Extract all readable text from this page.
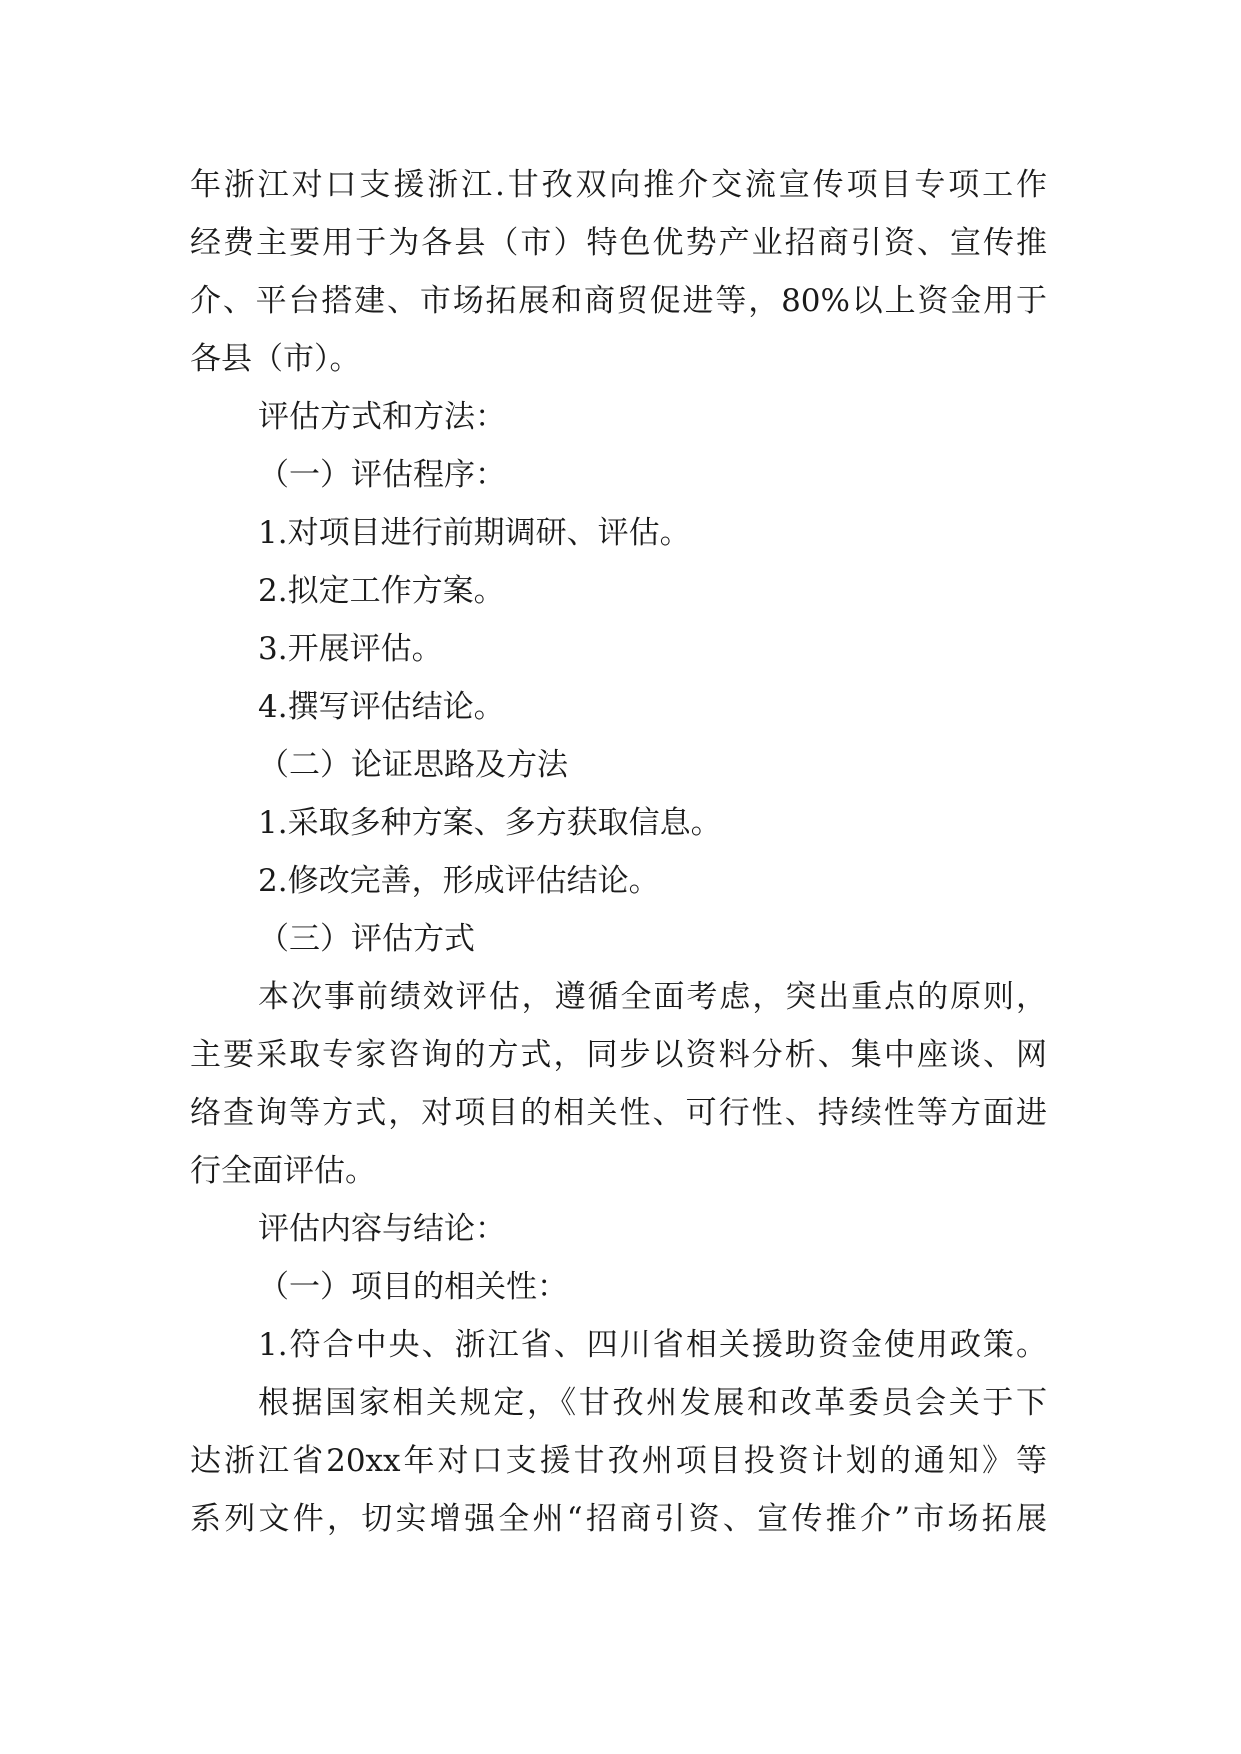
年浙江对口支援浙江.甘孜双向推介交流宣传项目专项工作
经费主要用于为各县（市）特色优势产业招商引资、宣传推
介、平台搭建、市场拓展和商贸促进等，80%以上资金用于
各县（市）。
评估方式和方法：
（一）评估程序：
1.对项目进行前期调研、评估。
2.拟定工作方案。
3.开展评估。
4.撰写评估结论。
（二）论证思路及方法
1.采取多种方案、多方获取信息。
2.修改完善，形成评估结论。
（三）评估方式
本次事前绩效评估，遵循全面考虑，突出重点的原则，
主要采取专家咨询的方式，同步以资料分析、集中座谈、网
络查询等方式，对项目的相关性、可行性、持续性等方面进
行全面评估。
评估内容与结论：
（一）项目的相关性：
1.符合中央、浙江省、四川省相关援助资金使用政策。
根据国家相关规定，《甘孜州发展和改革委员会关于下
达浙江省20xx年对口支援甘孜州项目投资计划的通知》等
系列文件，切实增强全州“招商引资、宣传推介”市场拓展
